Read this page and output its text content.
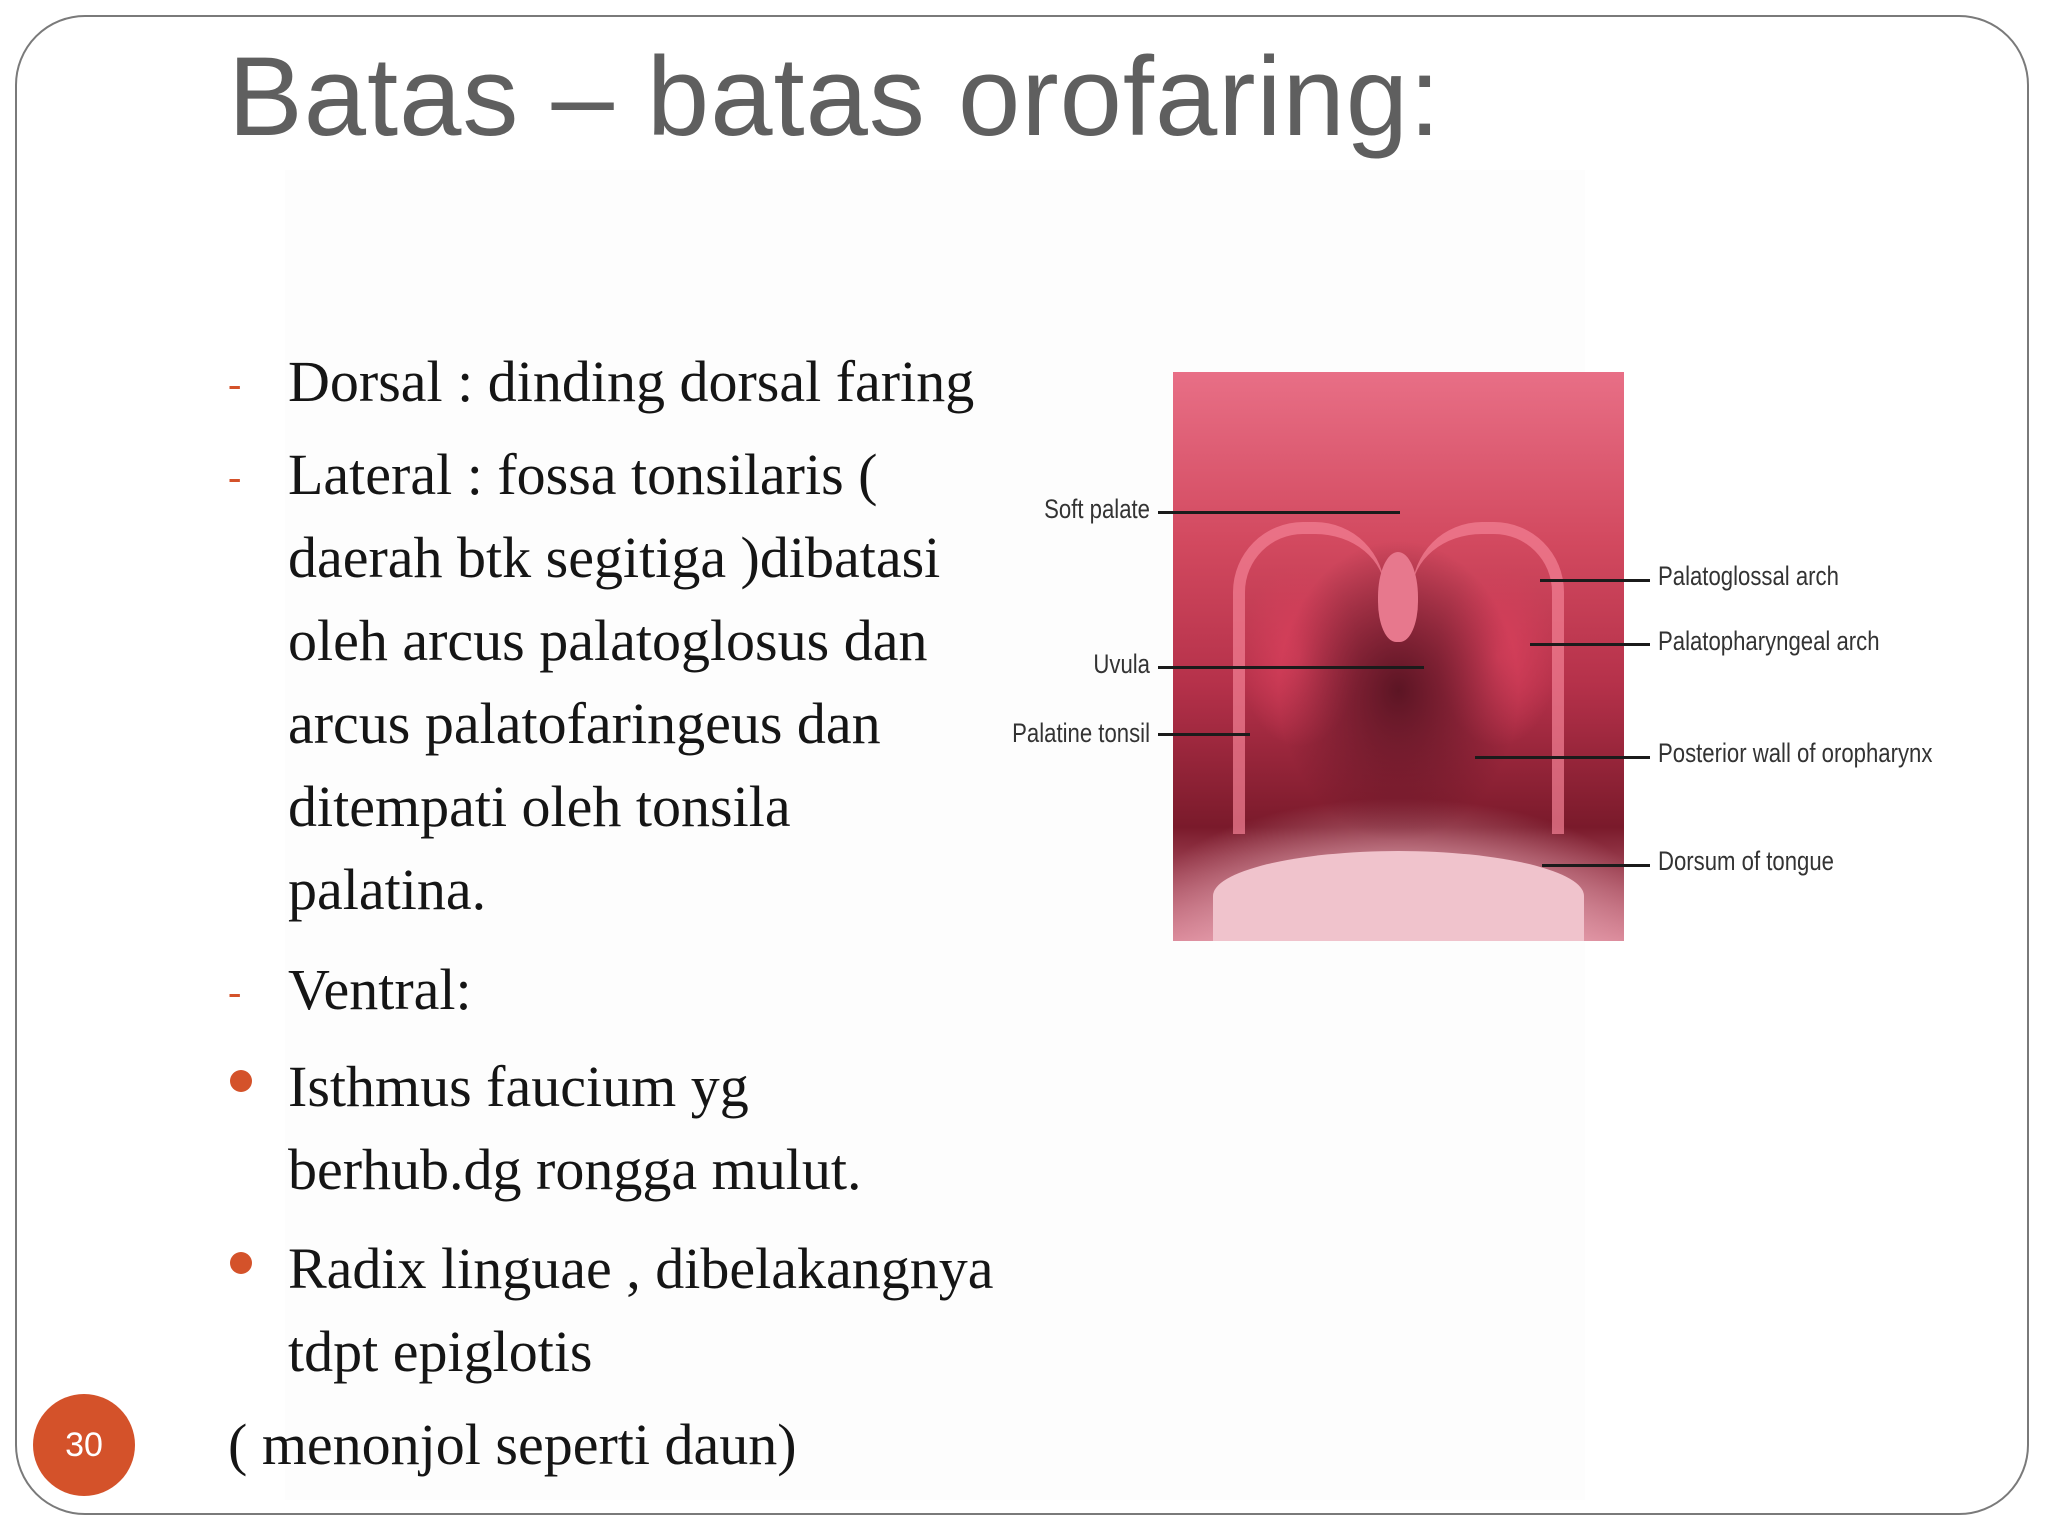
Batas – batas orofaring:
- Dorsal : dinding dorsal faring
- Lateral : fossa tonsilaris (
daerah btk segitiga )dibatasi
oleh arcus palatoglosus dan
arcus palatofaringeus dan
ditempati oleh tonsila
palatina.
- Ventral:
Isthmus faucium yg
berhub.dg rongga mulut.
Radix linguae , dibelakangnya
tdpt epiglotis
( menonjol seperti daun)
Soft palate
Uvula
Palatine tonsil
Palatoglossal arch
Palatopharyngeal arch
Posterior wall of oropharynx
Dorsum of tongue
30
